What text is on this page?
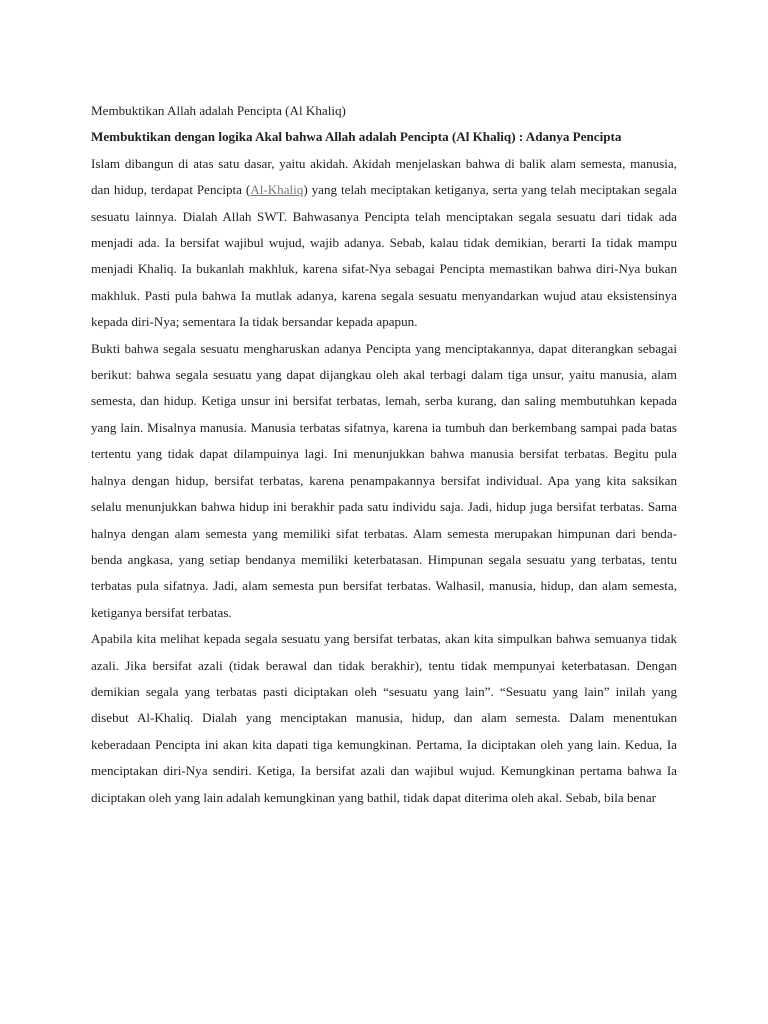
Membuktikan Allah adalah Pencipta (Al Khaliq)
Membuktikan dengan logika Akal bahwa Allah adalah Pencipta (Al Khaliq) : Adanya Pencipta

Islam dibangun di atas satu dasar, yaitu akidah. Akidah menjelaskan bahwa di balik alam semesta, manusia, dan hidup, terdapat Pencipta (Al-Khaliq) yang telah meciptakan ketiganya, serta yang telah meciptakan segala sesuatu lainnya. Dialah Allah SWT. Bahwasanya Pencipta telah menciptakan segala sesuatu dari tidak ada menjadi ada. Ia bersifat wajibul wujud, wajib adanya. Sebab, kalau tidak demikian, berarti Ia tidak mampu menjadi Khaliq. Ia bukanlah makhluk, karena sifat-Nya sebagai Pencipta memastikan bahwa diri-Nya bukan makhluk. Pasti pula bahwa Ia mutlak adanya, karena segala sesuatu menyandarkan wujud atau eksistensinya kepada diri-Nya; sementara Ia tidak bersandar kepada apapun.

Bukti bahwa segala sesuatu mengharuskan adanya Pencipta yang menciptakannya, dapat diterangkan sebagai berikut: bahwa segala sesuatu yang dapat dijangkau oleh akal terbagi dalam tiga unsur, yaitu manusia, alam semesta, dan hidup. Ketiga unsur ini bersifat terbatas, lemah, serba kurang, dan saling membutuhkan kepada yang lain. Misalnya manusia. Manusia terbatas sifatnya, karena ia tumbuh dan berkembang sampai pada batas tertentu yang tidak dapat dilampuinya lagi. Ini menunjukkan bahwa manusia bersifat terbatas. Begitu pula halnya dengan hidup, bersifat terbatas, karena penampakannya bersifat individual. Apa yang kita saksikan selalu menunjukkan bahwa hidup ini berakhir pada satu individu saja. Jadi, hidup juga bersifat terbatas. Sama halnya dengan alam semesta yang memiliki sifat terbatas. Alam semesta merupakan himpunan dari benda-benda angkasa, yang setiap bendanya memiliki keterbatasan. Himpunan segala sesuatu yang terbatas, tentu terbatas pula sifatnya. Jadi, alam semesta pun bersifat terbatas. Walhasil, manusia, hidup, dan alam semesta, ketiganya bersifat terbatas.

Apabila kita melihat kepada segala sesuatu yang bersifat terbatas, akan kita simpulkan bahwa semuanya tidak azali. Jika bersifat azali (tidak berawal dan tidak berakhir), tentu tidak mempunyai keterbatasan. Dengan demikian segala yang terbatas pasti diciptakan oleh “sesuatu yang lain”. “Sesuatu yang lain” inilah yang disebut Al-Khaliq. Dialah yang menciptakan manusia, hidup, dan alam semesta. Dalam menentukan keberadaan Pencipta ini akan kita dapati tiga kemungkinan. Pertama, Ia diciptakan oleh yang lain. Kedua, Ia menciptakan diri-Nya sendiri. Ketiga, Ia bersifat azali dan wajibul wujud. Kemungkinan pertama bahwa Ia diciptakan oleh yang lain adalah kemungkinan yang bathil, tidak dapat diterima oleh akal. Sebab, bila benar
